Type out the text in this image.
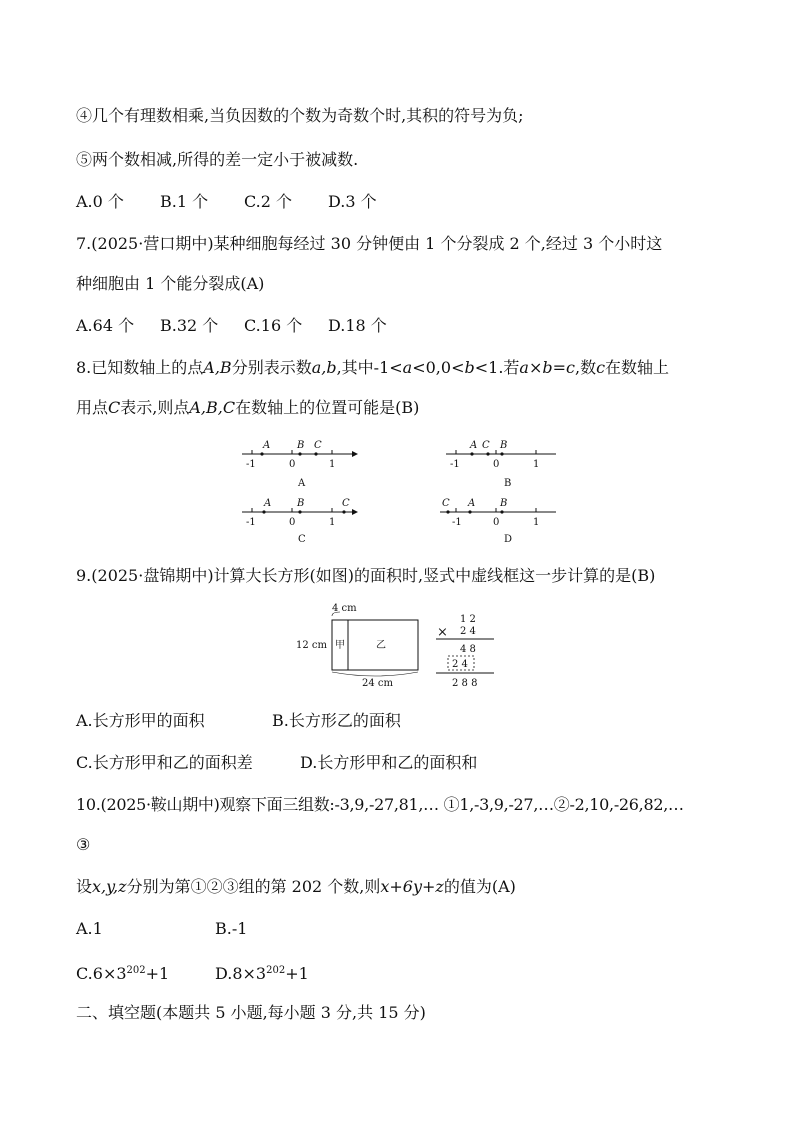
④几个有理数相乘,当负因数的个数为奇数个时,其积的符号为负;
⑤两个数相减,所得的差一定小于被减数.
A.0 个 B.1 个 C.2 个 D.3 个
7.(2025·营口期中)某种细胞每经过 30 分钟便由 1 个分裂成 2 个,经过 3 个小时这
种细胞由 1 个能分裂成(A)
A.64 个 B.32 个 C.16 个 D.18 个
8.已知数轴上的点A,B分别表示数a,b,其中-1<a<0,0<b<1.若a×b=c,数c在数轴上
用点C表示,则点A,B,C在数轴上的位置可能是(B)
-1	0	1
A	B C
A
-1	0	1
A C B
B
-1	0	1
A	B	C
C
-1	0	1
C A B
D
9.(2025·盘锦期中)计算大长方形(如图)的面积时,竖式中虚线框这一步计算的是(B)
4 cm
12 cm 甲	乙
24 cm
1 2
× 2 4
4 8
2 4
2 8 8
A.长方形甲的面积	B.长方形乙的面积
C.长方形甲和乙的面积差	D.长方形甲和乙的面积和
10.(2025·鞍山期中)观察下面三组数:-3,9,-27,81,… ①1,-3,9,-27,…②-2,10,-26,82,…
③
设x,y,z分别为第①②③组的第 202 个数,则x+6y+z的值为(A)
A.1	B.-1
$C.6\times 3^{202}+1$	$D.8\times 3^{202}+1$
二、填空题(本题共 5 小题,每小题 3 分,共 15 分)
